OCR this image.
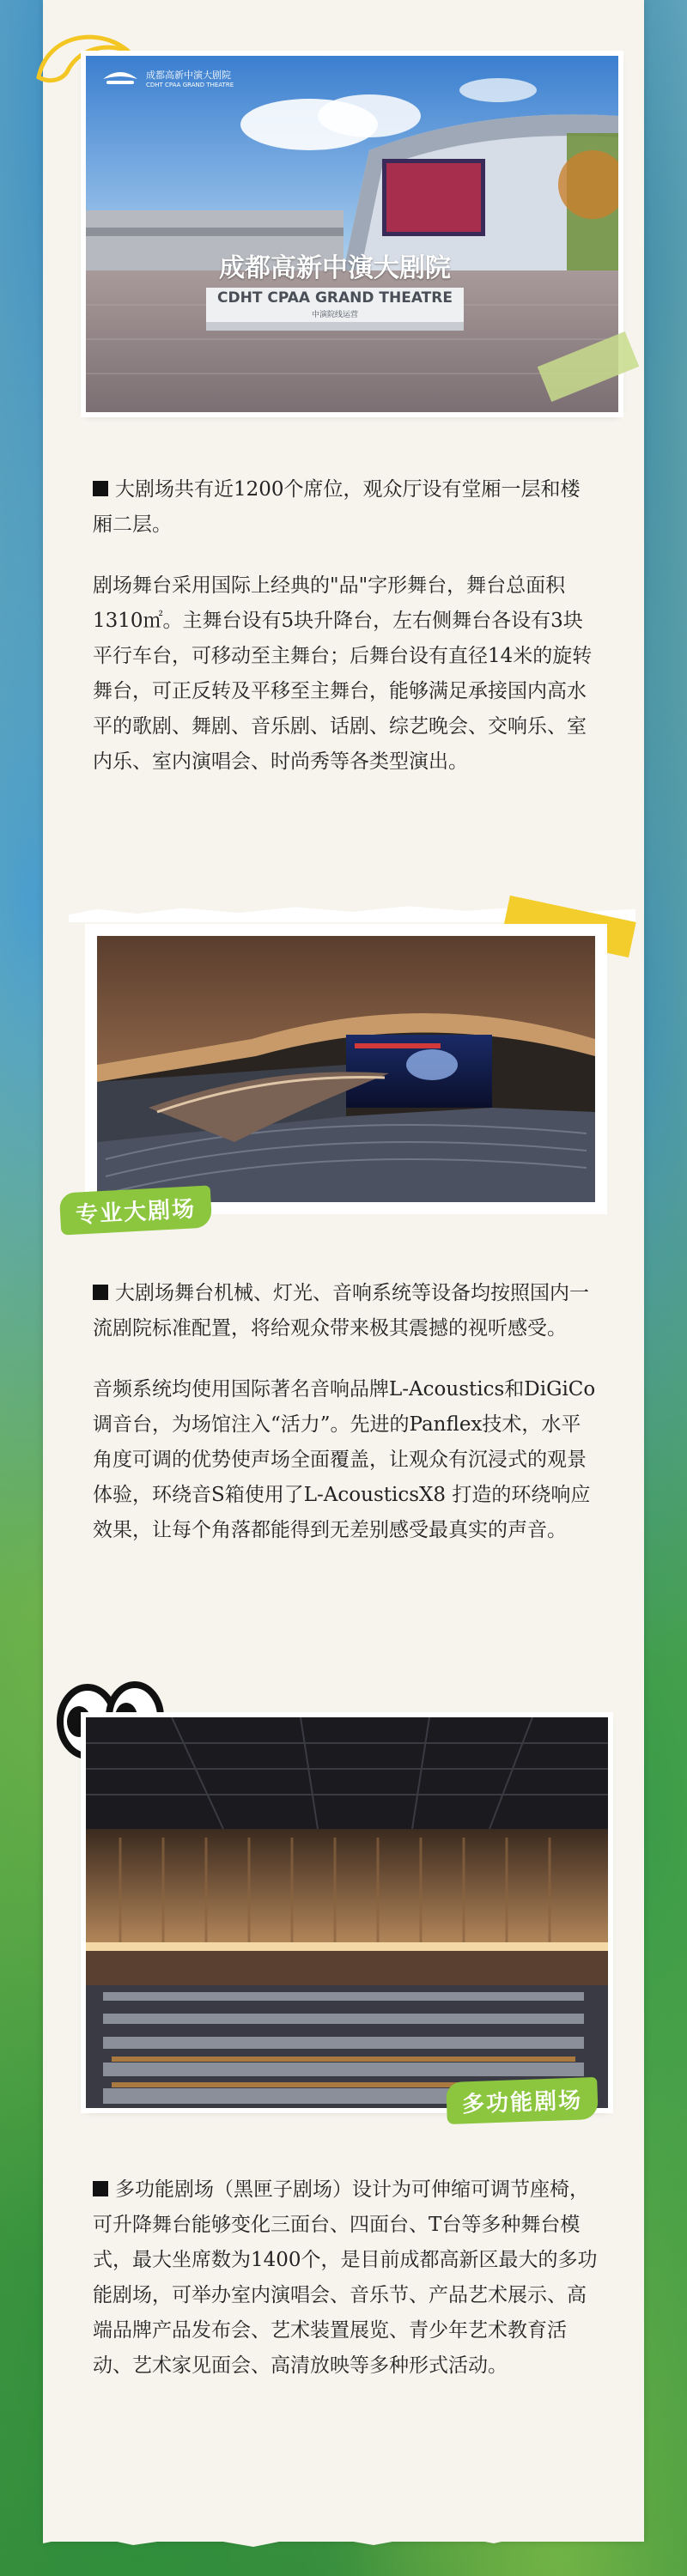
成都高新中演大剧院
CDHT CPAA GRAND THEATRE
成都高新中演大剧院
CDHT CPAA GRAND THEATRE
中演院线运营

大剧场共有近1200个席位，观众厅设有堂厢一层和楼厢二层。

剧场舞台采用国际上经典的"品"字形舞台，舞台总面积1310㎡。主舞台设有5块升降台，左右侧舞台各设有3块平行车台，可移动至主舞台；后舞台设有直径14米的旋转舞台，可正反转及平移至主舞台，能够满足承接国内高水平的歌剧、舞剧、音乐剧、话剧、综艺晚会、交响乐、室内乐、室内演唱会、时尚秀等各类型演出。

专业大剧场

大剧场舞台机械、灯光、音响系统等设备均按照国内一流剧院标准配置，将给观众带来极其震撼的视听感受。

音频系统均使用国际著名音响品牌L-Acoustics和DiGiCo调音台，为场馆注入“活力”。先进的Panflex技术，水平角度可调的优势使声场全面覆盖，让观众有沉浸式的观景体验，环绕音S箱使用了L-AcousticsX8 打造的环绕响应效果，让每个角落都能得到无差别感受最真实的声音。

多功能剧场

多功能剧场（黑匣子剧场）设计为可伸缩可调节座椅，可升降舞台能够变化三面台、四面台、T台等多种舞台模式，最大坐席数为1400个，是目前成都高新区最大的多功能剧场，可举办室内演唱会、音乐节、产品艺术展示、高端品牌产品发布会、艺术装置展览、青少年艺术教育活动、艺术家见面会、高清放映等多种形式活动。
